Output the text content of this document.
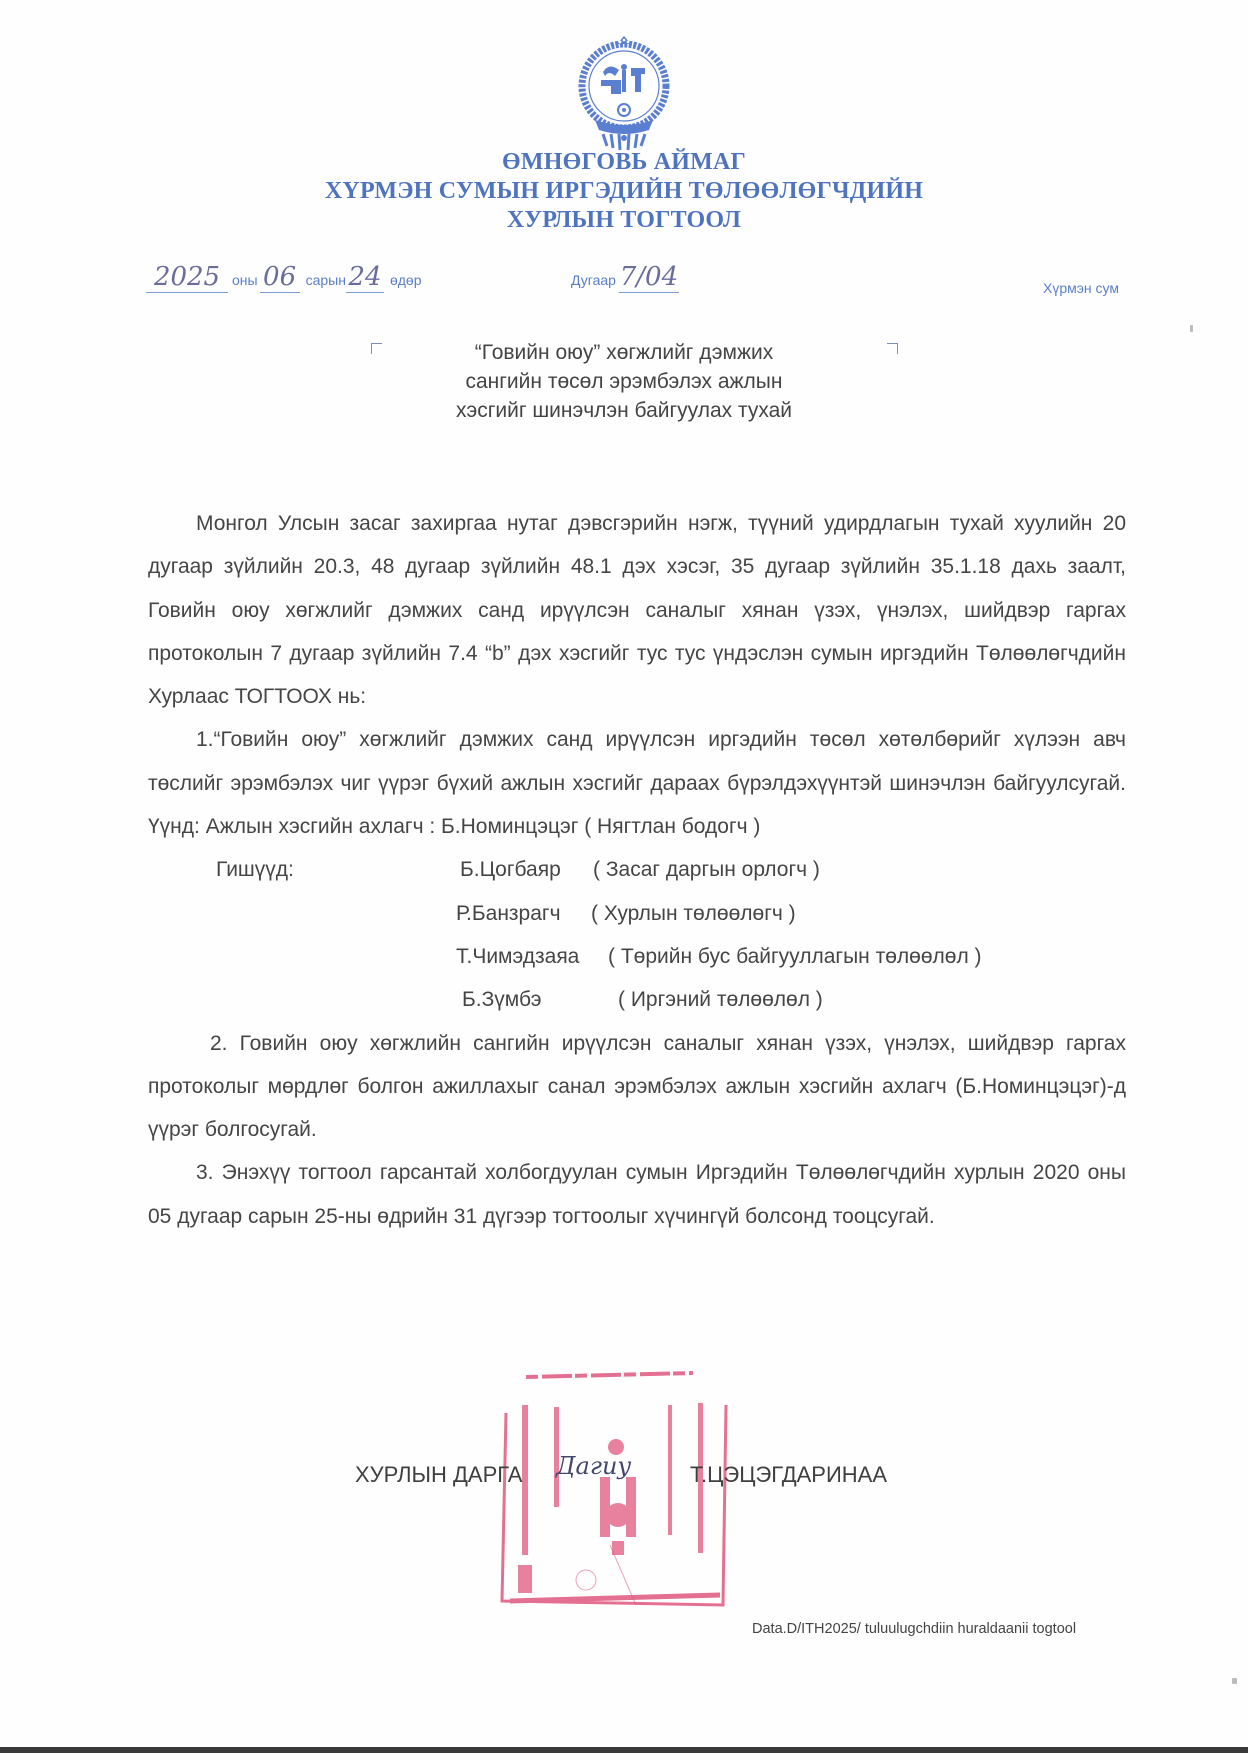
ӨМНӨГОВЬ АЙМАГ
ХҮРМЭН СУМЫН ИРГЭДИЙН ТӨЛӨӨЛӨГЧДИЙН
ХУРЛЫН ТОГТООЛ
2025 оны 06 сарын24 өдөр	Дугаар 7/04	Хүрмэн сум
“Говийн оюу” хөгжлийг дэмжих
сангийн төсөл эрэмбэлэх ажлын
хэсгийг шинэчлэн байгуулах тухай

Монгол Улсын засаг захиргаа нутаг дэвсгэрийн нэгж, түүний удирдлагын тухай хуулийн 20 дугаар зүйлийн 20.3, 48 дугаар зүйлийн 48.1 дэх хэсэг, 35 дугаар зүйлийн 35.1.18 дахь заалт, Говийн оюу хөгжлийг дэмжих санд ирүүлсэн саналыг хянан үзэх, үнэлэх, шийдвэр гаргах протоколын 7 дугаар зүйлийн 7.4 “b” дэх хэсгийг тус тус үндэслэн сумын иргэдийн Төлөөлөгчдийн Хурлаас ТОГТООХ нь:

1.“Говийн оюу” хөгжлийг дэмжих санд ирүүлсэн иргэдийн төсөл хөтөлбөрийг хүлээн авч төслийг эрэмбэлэх чиг үүрэг бүхий ажлын хэсгийг дараах бүрэлдэхүүнтэй шинэчлэн байгуулсугай.

Үүнд: Ажлын хэсгийн ахлагч : Б.Номинцэцэг ( Нягтлан бодогч )

Гишүүд:	Б.Цогбаяр ( Засаг даргын орлогч )
Р.Банзрагч ( Хурлын төлөөлөгч )
Т.Чимэдзаяа ( Төрийн бус байгууллагын төлөөлөл )
Б.Зүмбэ	( Иргэний төлөөлөл )

2. Говийн оюу хөгжлийн сангийн ирүүлсэн саналыг хянан үзэх, үнэлэх, шийдвэр гаргах протоколыг мөрдлөг болгон ажиллахыг санал эрэмбэлэх ажлын хэсгийн ахлагч (Б.Номинцэцэг)-д үүрэг болгосугай.

3. Энэхүү тогтоол гарсантай холбогдуулан сумын Иргэдийн Төлөөлөгчдийн хурлын 2020 оны 05 дугаар сарын 25-ны өдрийн 31 дүгээр тогтоолыг хүчингүй болсонд тооцсугай.

ХУРЛЫН ДАРГА Дагиу	Т.ЦЭЦЭГДАРИНАА
Data.D/ITH2025/ tuluulugchdiin huraldaanii togtool
